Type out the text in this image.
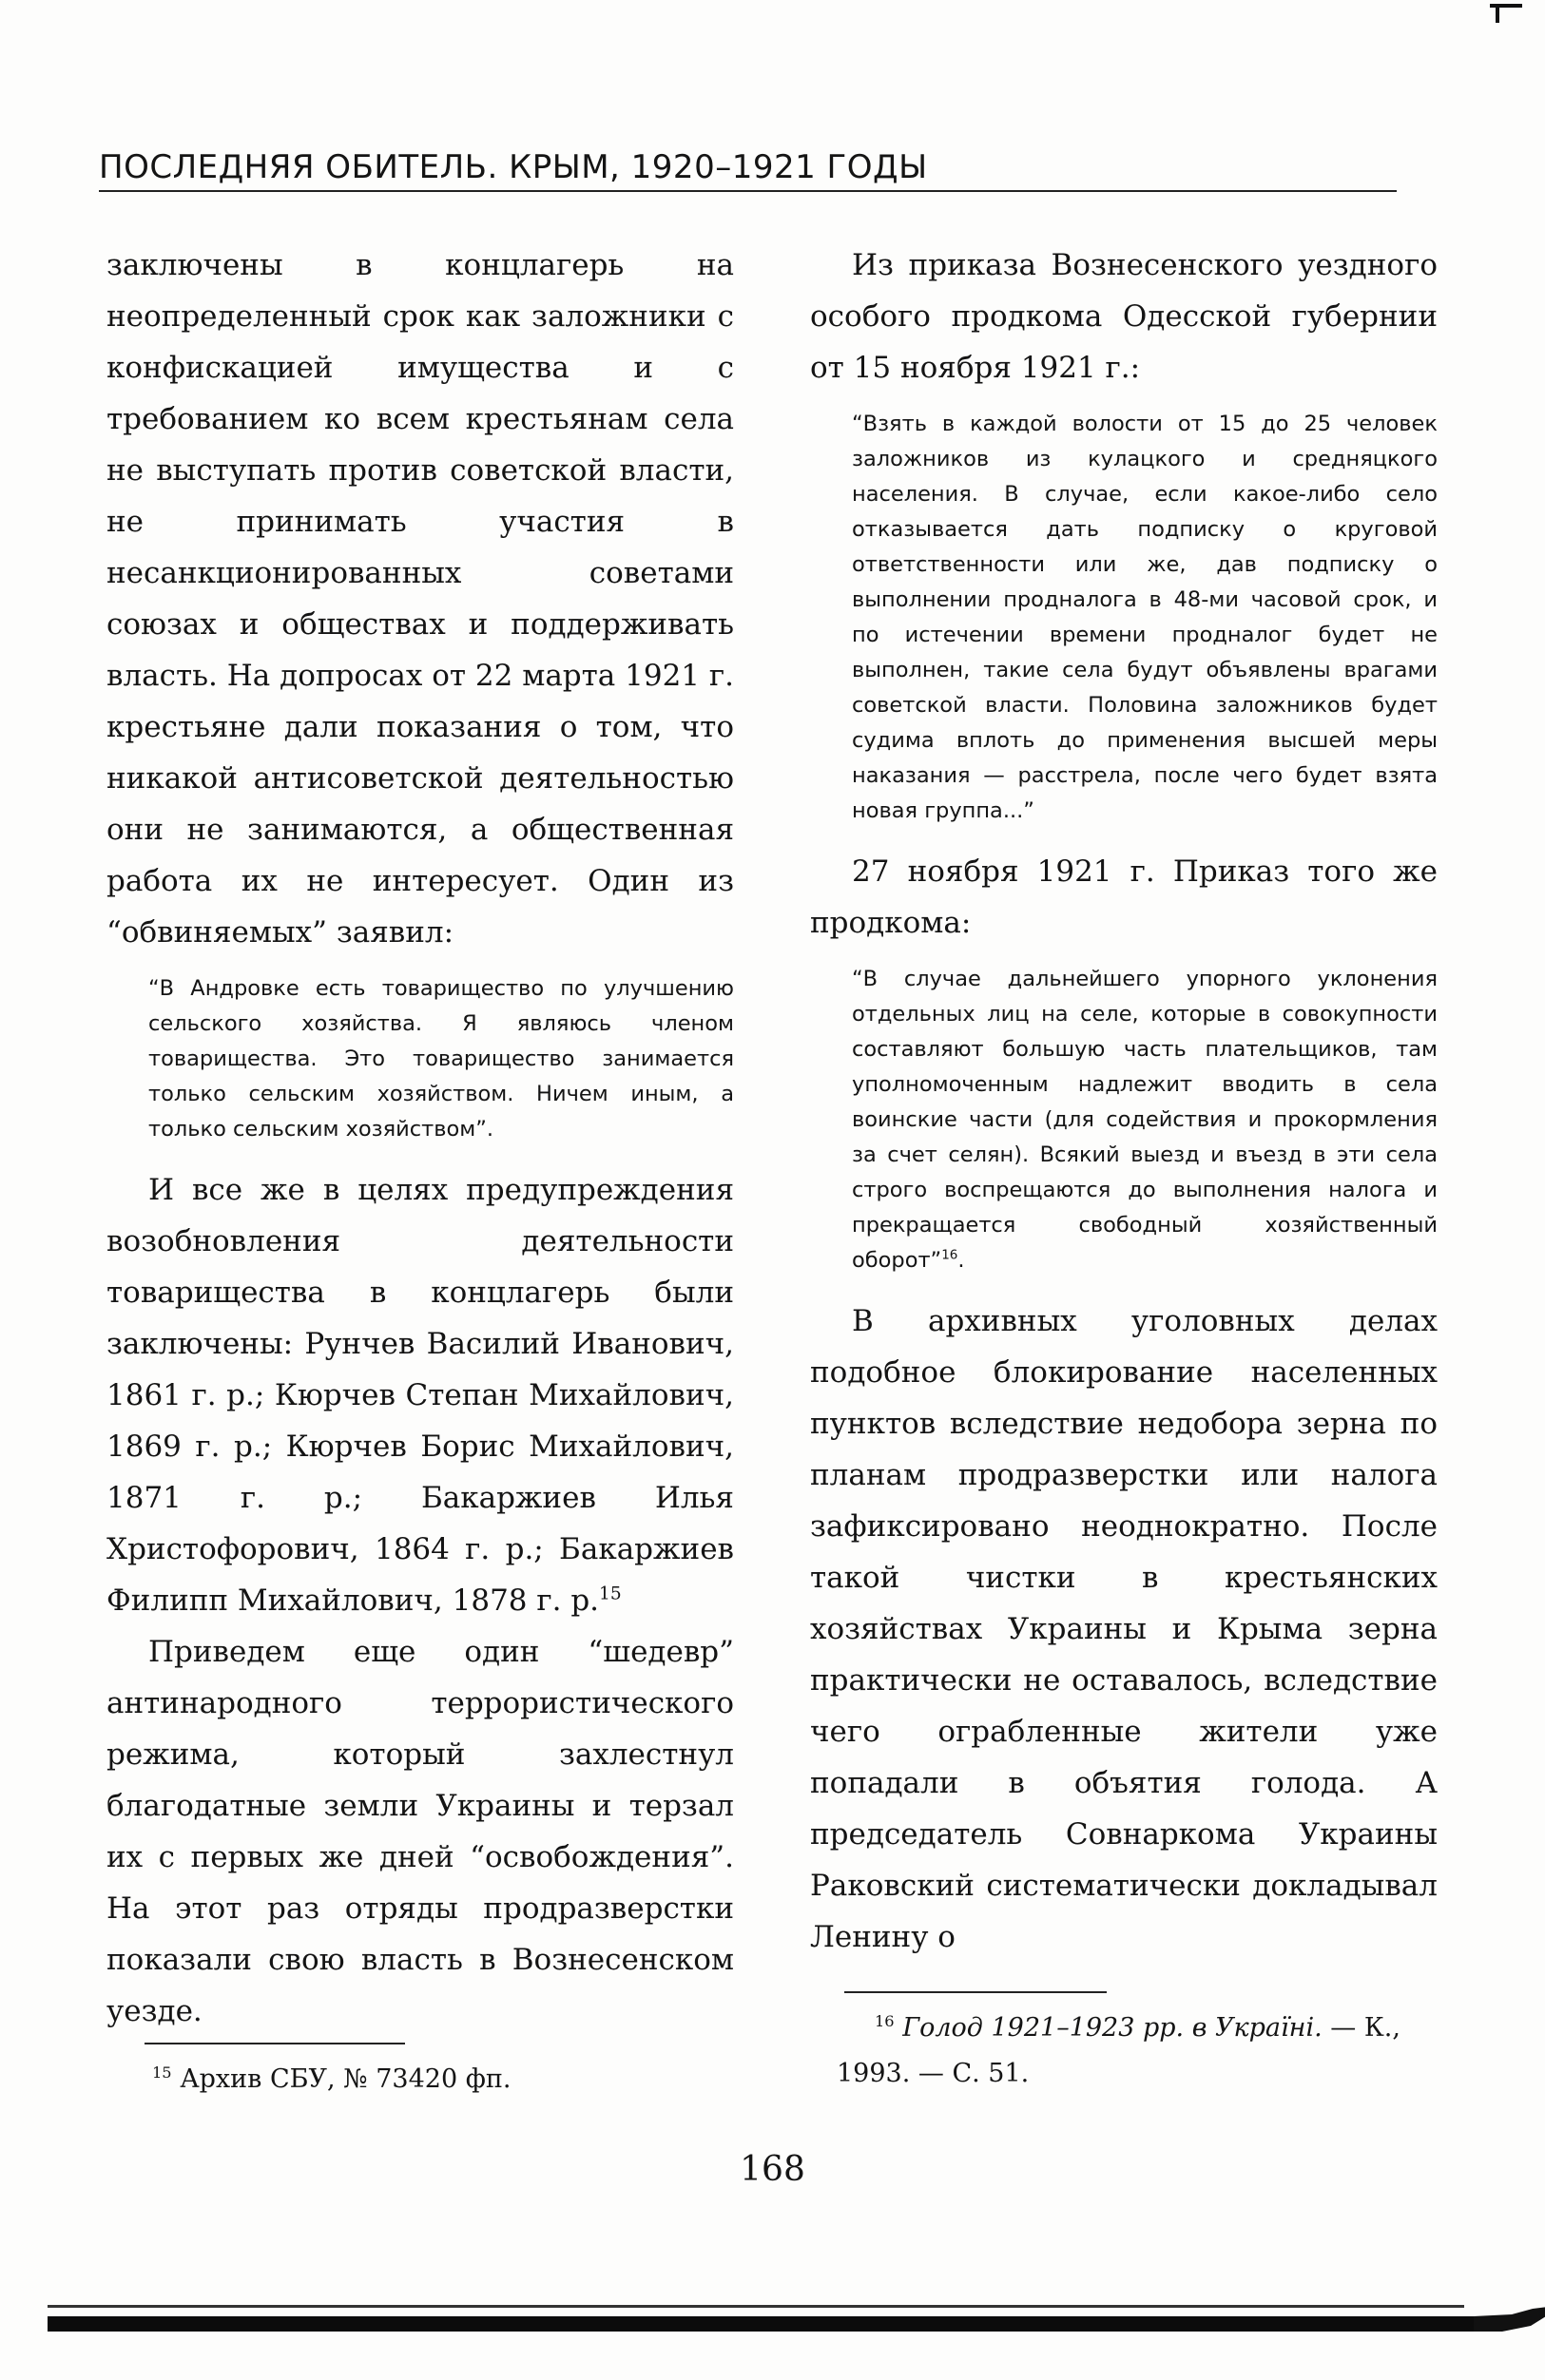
ПОСЛЕДНЯЯ ОБИТЕЛЬ. КРЫМ, 1920–1921 ГОДЫ

заключены в концлагерь на неопределенный срок как заложники с конфискацией имущества и с требованием ко всем крестьянам села не выступать против советской власти, не принимать участия в несанкционированных советами союзах и обществах и поддерживать власть. На допросах от 22 марта 1921 г. крестьяне дали показания о том, что никакой антисоветской деятельностью они не занимаются, а общественная работа их не интересует. Один из “обвиняемых” заявил:

“В Андровке есть товарищество по улучшению сельского хозяйства. Я являюсь членом товарищества. Это товарищество занимается только сельским хозяйством. Ничем иным, а только сельским хозяйством”.

И все же в целях предупреждения возобновления деятельности товарищества в концлагерь были заключены: Рунчев Василий Иванович, 1861 г. р.; Кюрчев Степан Михайлович, 1869 г. р.; Кюрчев Борис Михайлович, 1871 г. р.; Бакаржиев Илья Христофорович, 1864 г. р.; Бакаржиев Филипп Михайлович, 1878 г. р.$^{15}$

Приведем еще один “шедевр” антинародного террористического режима, который захлестнул благодатные земли Украины и терзал их с первых же дней “освобождения”. На этот раз отряды продразверстки показали свою власть в Вознесенском уезде.

Из приказа Вознесенского уездного особого продкома Одесской губернии от 15 ноября 1921 г.:

“Взять в каждой волости от 15 до 25 человек заложников из кулацкого и средняцкого населения. В случае, если какое-либо село отказывается дать подписку о круговой ответственности или же, дав подписку о выполнении продналога в 48-ми часовой срок, и по истечении времени продналог будет не выполнен, такие села будут объявлены врагами советской власти. Половина заложников будет судима вплоть до применения высшей меры наказания — расстрела, после чего будет взята новая группа...”

27 ноября 1921 г. Приказ того же продкома:

“В случае дальнейшего упорного уклонения отдельных лиц на селе, которые в совокупности составляют большую часть плательщиков, там уполномоченным надлежит вводить в села воинские части (для содействия и прокормления за счет селян). Всякий выезд и въезд в эти села строго воспрещаются до выполнения налога и прекращается свободный хозяйственный оборот”$^{16}$.

В архивных уголовных делах подобное блокирование населенных пунктов вследствие недобора зерна по планам продразверстки или налога зафиксировано неоднократно. После такой чистки в крестьянских хозяйствах Украины и Крыма зерна практически не оставалось, вследствие чего ограбленные жители уже попадали в объятия голода. А председатель Совнаркома Украины Раковский систематически докладывал Ленину о

$^{15}$ Архив СБУ, № 73420 фп.
$^{16}$ Голод 1921–1923 рр. в Україні. — К., 1993. — С. 51.
168
